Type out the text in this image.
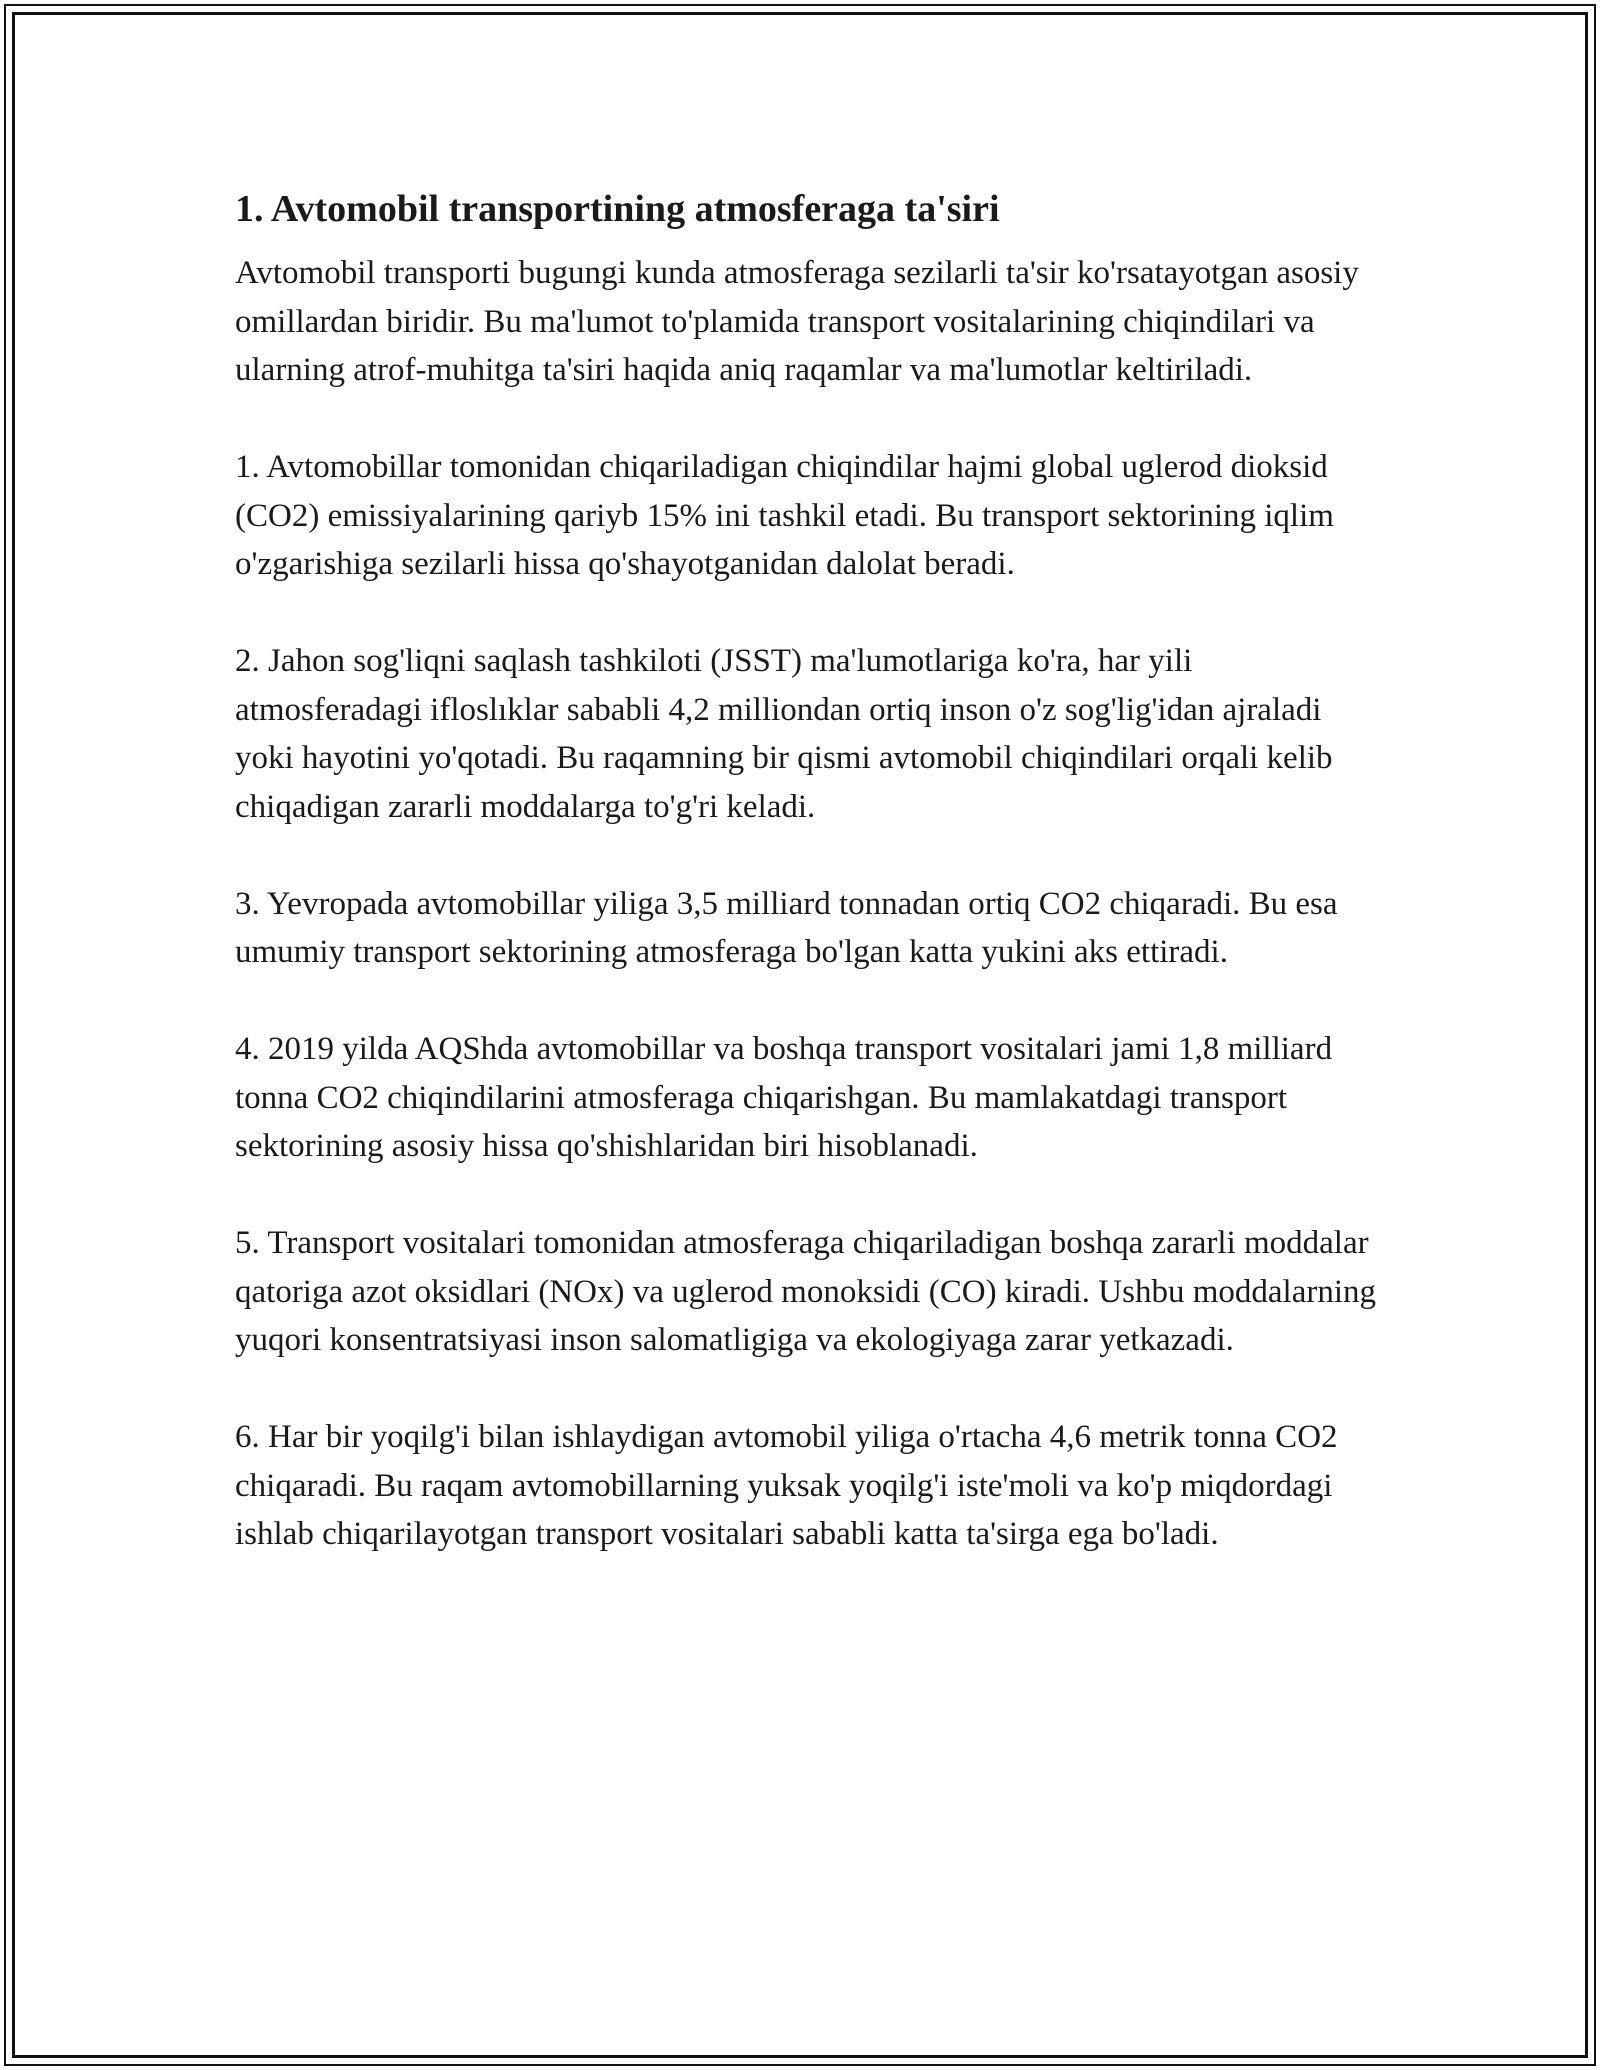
1. Avtomobil transportining atmosferaga ta'siri

Avtomobil transporti bugungi kunda atmosferaga sezilarli ta'sir ko'rsatayotgan asosiy omillardan biridir. Bu ma'lumot to'plamida transport vositalarining chiqindilari va ularning atrof-muhitga ta'siri haqida aniq raqamlar va ma'lumotlar keltiriladi.

1. Avtomobillar tomonidan chiqariladigan chiqindilar hajmi global uglerod dioksid (CO2) emissiyalarining qariyb 15% ini tashkil etadi. Bu transport sektorining iqlim o'zgarishiga sezilarli hissa qo'shayotganidan dalolat beradi.

2. Jahon sog'liqni saqlash tashkiloti (JSST) ma'lumotlariga ko'ra, har yili atmosferadagi ifloslıklar sababli 4,2 milliondan ortiq inson o'z sog'lig'idan ajraladi yoki hayotini yo'qotadi. Bu raqamning bir qismi avtomobil chiqindilari orqali kelib chiqadigan zararli moddalarga to'g'ri keladi.

3. Yevropada avtomobillar yiliga 3,5 milliard tonnadan ortiq CO2 chiqaradi. Bu esa umumiy transport sektorining atmosferaga bo'lgan katta yukini aks ettiradi.

4. 2019 yilda AQShda avtomobillar va boshqa transport vositalari jami 1,8 milliard tonna CO2 chiqindilarini atmosferaga chiqarishgan. Bu mamlakatdagi transport sektorining asosiy hissa qo'shishlaridan biri hisoblanadi.

5. Transport vositalari tomonidan atmosferaga chiqariladigan boshqa zararli moddalar qatoriga azot oksidlari (NOx) va uglerod monoksidi (CO) kiradi. Ushbu moddalarning yuqori konsentratsiyasi inson salomatligiga va ekologiyaga zarar yetkazadi.

6. Har bir yoqilg'i bilan ishlaydigan avtomobil yiliga o'rtacha 4,6 metrik tonna CO2 chiqaradi. Bu raqam avtomobillarning yuksak yoqilg'i iste'moli va ko'p miqdordagi ishlab chiqarilayotgan transport vositalari sababli katta ta'sirga ega bo'ladi.
